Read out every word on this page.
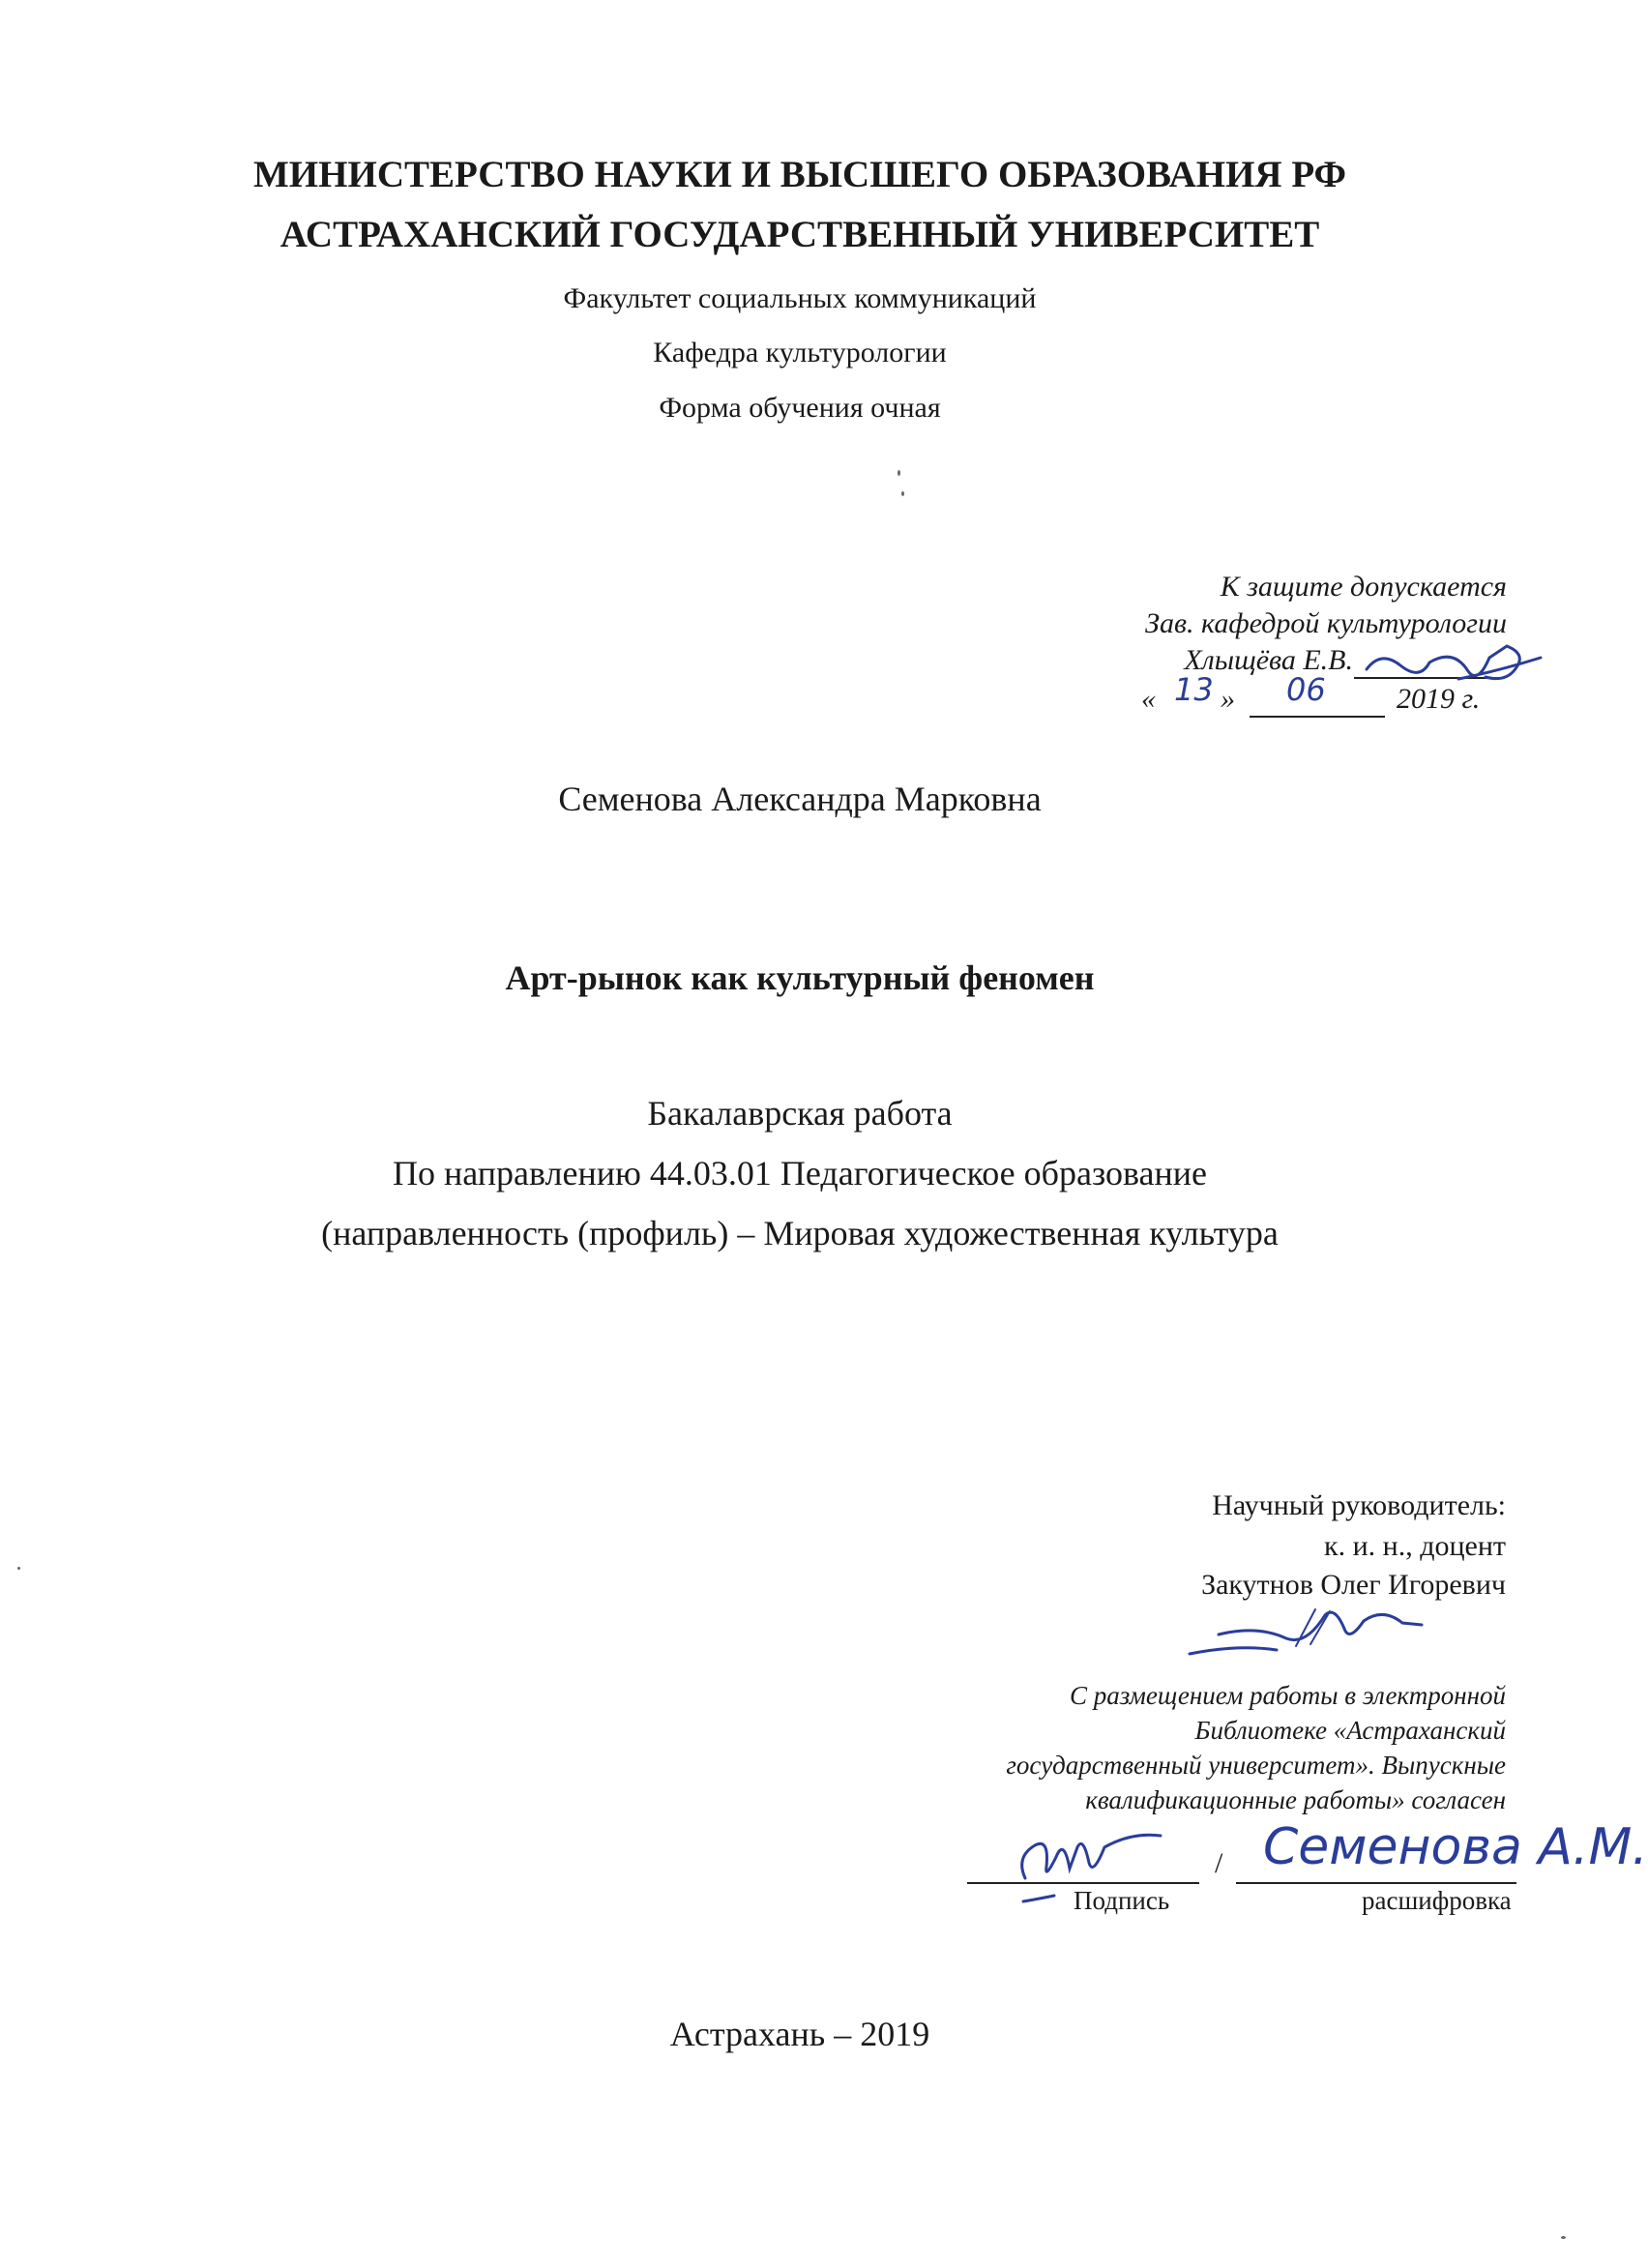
МИНИСТЕРСТВО НАУКИ И ВЫСШЕГО ОБРАЗОВАНИЯ РФ
АСТРАХАНСКИЙ ГОСУДАРСТВЕННЫЙ УНИВЕРСИТЕТ
Факультет социальных коммуникаций
Кафедра культурологии
Форма обучения очная
К защите допускается
Зав. кафедрой культурологии
Хлыщёва Е.В.
« 13 » 06 2019 г.
Семенова Александра Марковна
Арт-рынок как культурный феномен
Бакалаврская работа
По направлению 44.03.01 Педагогическое образование
(направленность (профиль) – Мировая художественная культура
Научный руководитель:
к. и. н., доцент
Закутнов Олег Игоревич
С размещением работы в электронной
Библиотеке «Астраханский
государственный университет». Выпускные
квалификационные работы» согласен
/ Семенова А.М.
Подпись	расшифровка
Астрахань – 2019
